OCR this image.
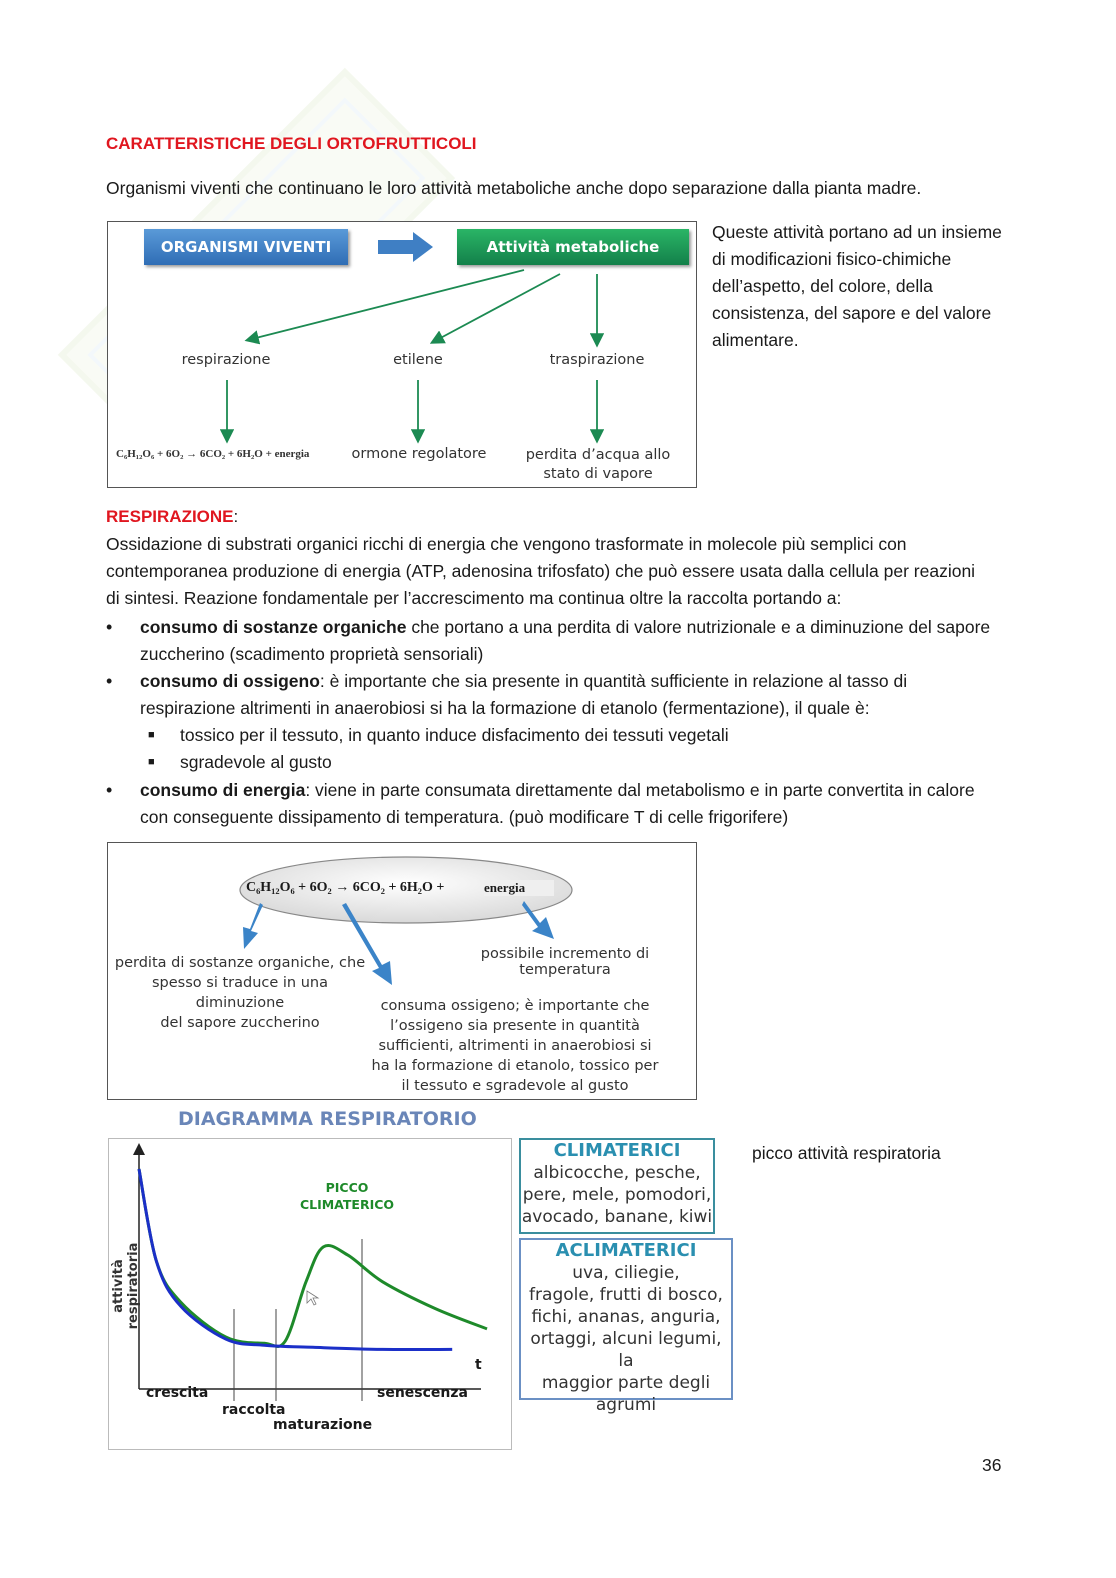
CARATTERISTICHE DEGLI ORTOFRUTTICOLI
Organismi viventi che continuano le loro attività metaboliche anche dopo separazione dalla pianta madre.
ORGANISMI VIVENTI	Attività metaboliche
respirazione	etilene	traspirazione
C₆H₁₂O₆ + 6O₂ → 6CO₂ + 6H₂O + energia	ormone regolatore	perdita d’acqua allo
stato di vapore
Queste attività portano ad un insieme di modificazioni fisico-chimiche dell’aspetto, del colore, della consistenza, del sapore e del valore alimentare.
RESPIRAZIONE:
Ossidazione di substrati organici ricchi di energia che vengono trasformate in molecole più semplici con contemporanea produzione di energia (ATP, adenosina trifosfato) che può essere usata dalla cellula per reazioni di sintesi. Reazione fondamentale per l’accrescimento ma continua oltre la raccolta portando a:
• consumo di sostanze organiche che portano a una perdita di valore nutrizionale e a diminuzione del sapore zuccherino (scadimento proprietà sensoriali)
• consumo di ossigeno: è importante che sia presente in quantità sufficiente in relazione al tasso di respirazione altrimenti in anaerobiosi si ha la formazione di etanolo (fermentazione), il quale è:
■ tossico per il tessuto, in quanto induce disfacimento dei tessuti vegetali
■ sgradevole al gusto
• consumo di energia: viene in parte consumata direttamente dal metabolismo e in parte convertita in calore con conseguente dissipamento di temperatura. (può modificare T di celle frigorifere)
C₆H₁₂O₆ + 6O₂ → 6CO₂ + 6H₂O +	energia
perdita di sostanze organiche, che
spesso si traduce in una diminuzione
del sapore zuccherino
possibile incremento di temperatura
consuma ossigeno; è importante che
l’ossigeno sia presente in quantità
sufficienti, altrimenti in anaerobiosi si
ha la formazione di etanolo, tossico per
il tessuto e sgradevole al gusto
DIAGRAMMA RESPIRATORIO
attività respiratoria
t
PICCO
CLIMATERICO
crescita
raccolta
maturazione
senescenza
CLIMATERICI
albicocche, pesche,
pere, mele, pomodori,
avocado, banane, kiwi
ACLIMATERICI
uva, ciliegie,
fragole, frutti di bosco,
fichi, ananas, anguria,
ortaggi, alcuni legumi, la
maggior parte degli
agrumi
picco attività respiratoria
36
